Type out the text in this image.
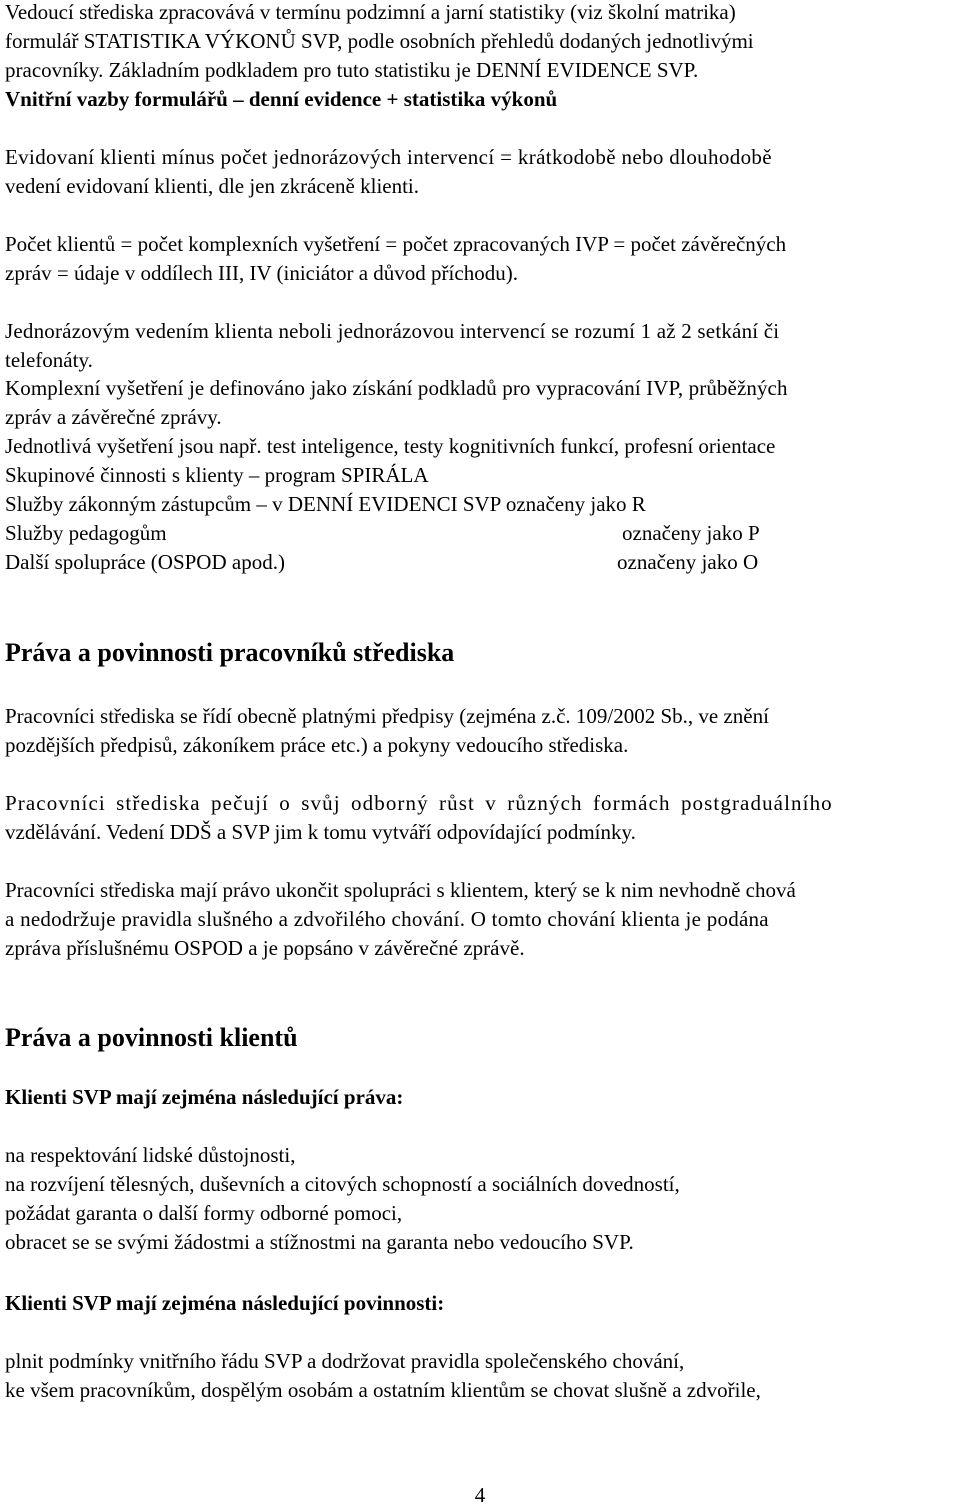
Vedoucí střediska zpracovává v termínu podzimní a jarní statistiky (viz školní matrika)

formulář STATISTIKA VÝKONŮ SVP, podle osobních přehledů dodaných jednotlivými

pracovníky. Základním podkladem pro tuto statistiku je DENNÍ EVIDENCE SVP.

Vnitřní vazby formulářů – denní evidence + statistika výkonů

Evidovaní klienti mínus počet jednorázových intervencí = krátkodobě nebo dlouhodobě

vedení evidovaní klienti, dle jen zkráceně klienti.

Počet klientů = počet komplexních vyšetření = počet zpracovaných IVP = počet závěrečných

zpráv = údaje v oddílech III, IV (iniciátor a důvod příchodu).

Jednorázovým vedením klienta neboli jednorázovou intervencí se rozumí 1 až 2 setkání či

telefonáty.

Komplexní vyšetření je definováno jako získání podkladů pro vypracování IVP, průběžných

zpráv a závěrečné zprávy.

Jednotlivá vyšetření jsou např. test inteligence, testy kognitivních funkcí, profesní orientace

Skupinové činnosti s klienty – program SPIRÁLA

Služby zákonným zástupcům – v DENNÍ EVIDENCI SVP označeny jako R
Služby pedagogům	označeny jako P
Další spolupráce (OSPOD apod.)	označeny jako O
Práva a povinnosti pracovníků střediska

Pracovníci střediska se řídí obecně platnými předpisy (zejména z.č. 109/2002 Sb., ve znění

pozdějších předpisů, zákoníkem práce etc.) a pokyny vedoucího střediska.

Pracovníci střediska pečují o svůj odborný růst v různých formách postgraduálního

vzdělávání. Vedení DDŠ a SVP jim k tomu vytváří odpovídající podmínky.

Pracovníci střediska mají právo ukončit spolupráci s klientem, který se k nim nevhodně chová

a nedodržuje pravidla slušného a zdvořilého chování. O tomto chování klienta je podána

zpráva příslušnému OSPOD a je popsáno v závěrečné zprávě.

Práva a povinnosti klientů

Klienti SVP mají zejména následující práva:

na respektování lidské důstojnosti,

na rozvíjení tělesných, duševních a citových schopností a sociálních dovedností,

požádat garanta o další formy odborné pomoci,

obracet se se svými žádostmi a stížnostmi na garanta nebo vedoucího SVP.

Klienti SVP mají zejména následující povinnosti:

plnit podmínky vnitřního řádu SVP a dodržovat pravidla společenského chování,

ke všem pracovníkům, dospělým osobám a ostatním klientům se chovat slušně a zdvořile,

4
